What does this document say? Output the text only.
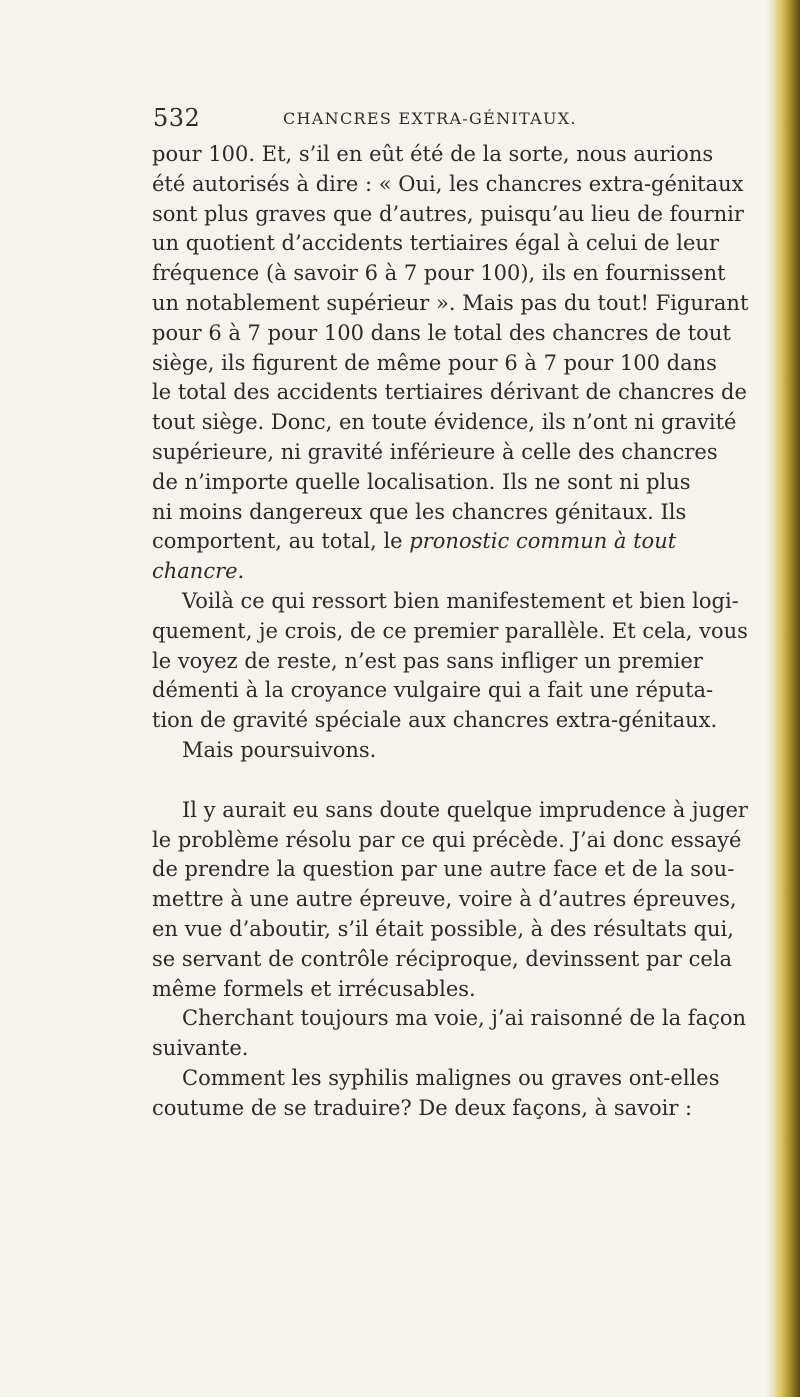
532	CHANCRES EXTRA-GÉNITAUX.
pour 100. Et, s’il en eût été de la sorte, nous aurions
été autorisés à dire : « Oui, les chancres extra-génitaux
sont plus graves que d’autres, puisqu’au lieu de fournir
un quotient d’accidents tertiaires égal à celui de leur
fréquence (à savoir 6 à 7 pour 100), ils en fournissent
un notablement supérieur ». Mais pas du tout! Figurant
pour 6 à 7 pour 100 dans le total des chancres de tout
siège, ils figurent de même pour 6 à 7 pour 100 dans
le total des accidents tertiaires dérivant de chancres de
tout siège. Donc, en toute évidence, ils n’ont ni gravité
supérieure, ni gravité inférieure à celle des chancres
de n’importe quelle localisation. Ils ne sont ni plus
ni moins dangereux que les chancres génitaux. Ils
comportent, au total, le pronostic commun à tout
chancre.
Voilà ce qui ressort bien manifestement et bien logi-
quement, je crois, de ce premier parallèle. Et cela, vous
le voyez de reste, n’est pas sans infliger un premier
démenti à la croyance vulgaire qui a fait une réputa-
tion de gravité spéciale aux chancres extra-génitaux.
Mais poursuivons.
Il y aurait eu sans doute quelque imprudence à juger
le problème résolu par ce qui précède. J’ai donc essayé
de prendre la question par une autre face et de la sou-
mettre à une autre épreuve, voire à d’autres épreuves,
en vue d’aboutir, s’il était possible, à des résultats qui,
se servant de contrôle réciproque, devinssent par cela
même formels et irrécusables.
Cherchant toujours ma voie, j’ai raisonné de la façon
suivante.
Comment les syphilis malignes ou graves ont-elles
coutume de se traduire? De deux façons, à savoir :
